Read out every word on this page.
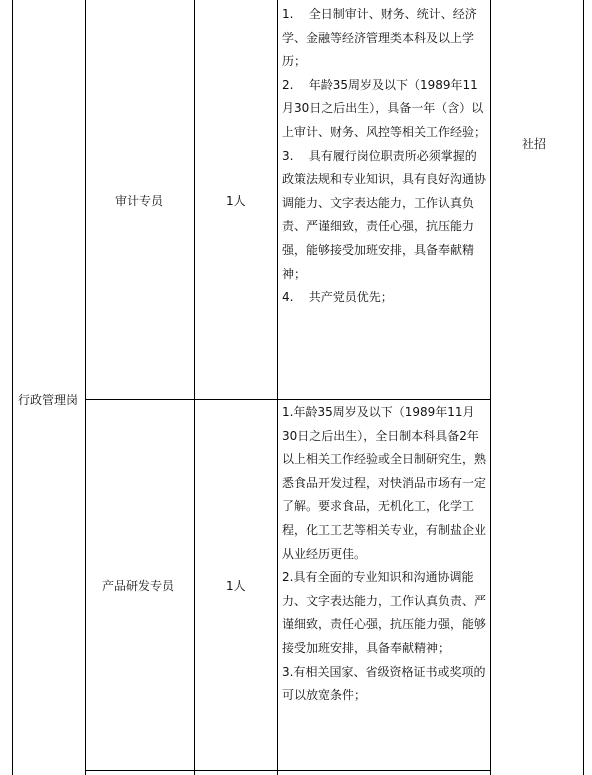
行政管理岗
社招
审计专员	1人

1.    全日制审计、财务、统计、经济学、金融等经济管理类本科及以上学历；

2.    年龄35周岁及以下（1989年11月30日之后出生），具备一年（含）以上审计、财务、风控等相关工作经验；

3.    具有履行岗位职责所必须掌握的政策法规和专业知识，具有良好沟通协调能力、文字表达能力，工作认真负责、严谨细致，责任心强，抗压能力强，能够接受加班安排，具备奉献精神；

4.    共产党员优先；

产品研发专员	1人

1.年龄35周岁及以下（1989年11月30日之后出生），全日制本科具备2年以上相关工作经验或全日制研究生，熟悉食品开发过程，对快消品市场有一定了解。要求食品，无机化工，化学工程，化工工艺等相关专业，有制盐企业从业经历更佳。

2.具有全面的专业知识和沟通协调能力、文字表达能力，工作认真负责、严谨细致，责任心强，抗压能力强，能够接受加班安排，具备奉献精神；

3.有相关国家、省级资格证书或奖项的可以放宽条件；
